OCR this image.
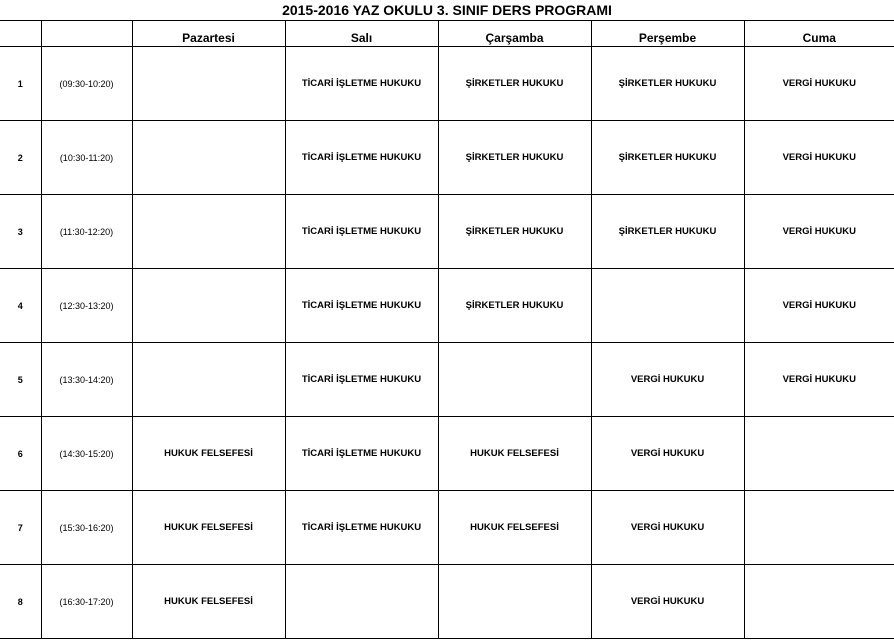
2015-2016 YAZ OKULU 3. SINIF DERS PROGRAMI						
		Pazartesi	Salı	Çarşamba	Perşembe	Cuma
1	(09:30-10:20)		TİCARİ İŞLETME HUKUKU	ŞİRKETLER HUKUKU	ŞİRKETLER HUKUKU	VERGİ HUKUKU
2	(10:30-11:20)		TİCARİ İŞLETME HUKUKU	ŞİRKETLER HUKUKU	ŞİRKETLER HUKUKU	VERGİ HUKUKU
3	(11:30-12:20)		TİCARİ İŞLETME HUKUKU	ŞİRKETLER HUKUKU	ŞİRKETLER HUKUKU	VERGİ HUKUKU
4	(12:30-13:20)		TİCARİ İŞLETME HUKUKU	ŞİRKETLER HUKUKU		VERGİ HUKUKU
5	(13:30-14:20)		TİCARİ İŞLETME HUKUKU		VERGİ HUKUKU	VERGİ HUKUKU
6	(14:30-15:20)	HUKUK FELSEFESİ	TİCARİ İŞLETME HUKUKU	HUKUK FELSEFESİ	VERGİ HUKUKU	
7	(15:30-16:20)	HUKUK FELSEFESİ	TİCARİ İŞLETME HUKUKU	HUKUK FELSEFESİ	VERGİ HUKUKU	
8	(16:30-17:20)	HUKUK FELSEFESİ			VERGİ HUKUKU	
